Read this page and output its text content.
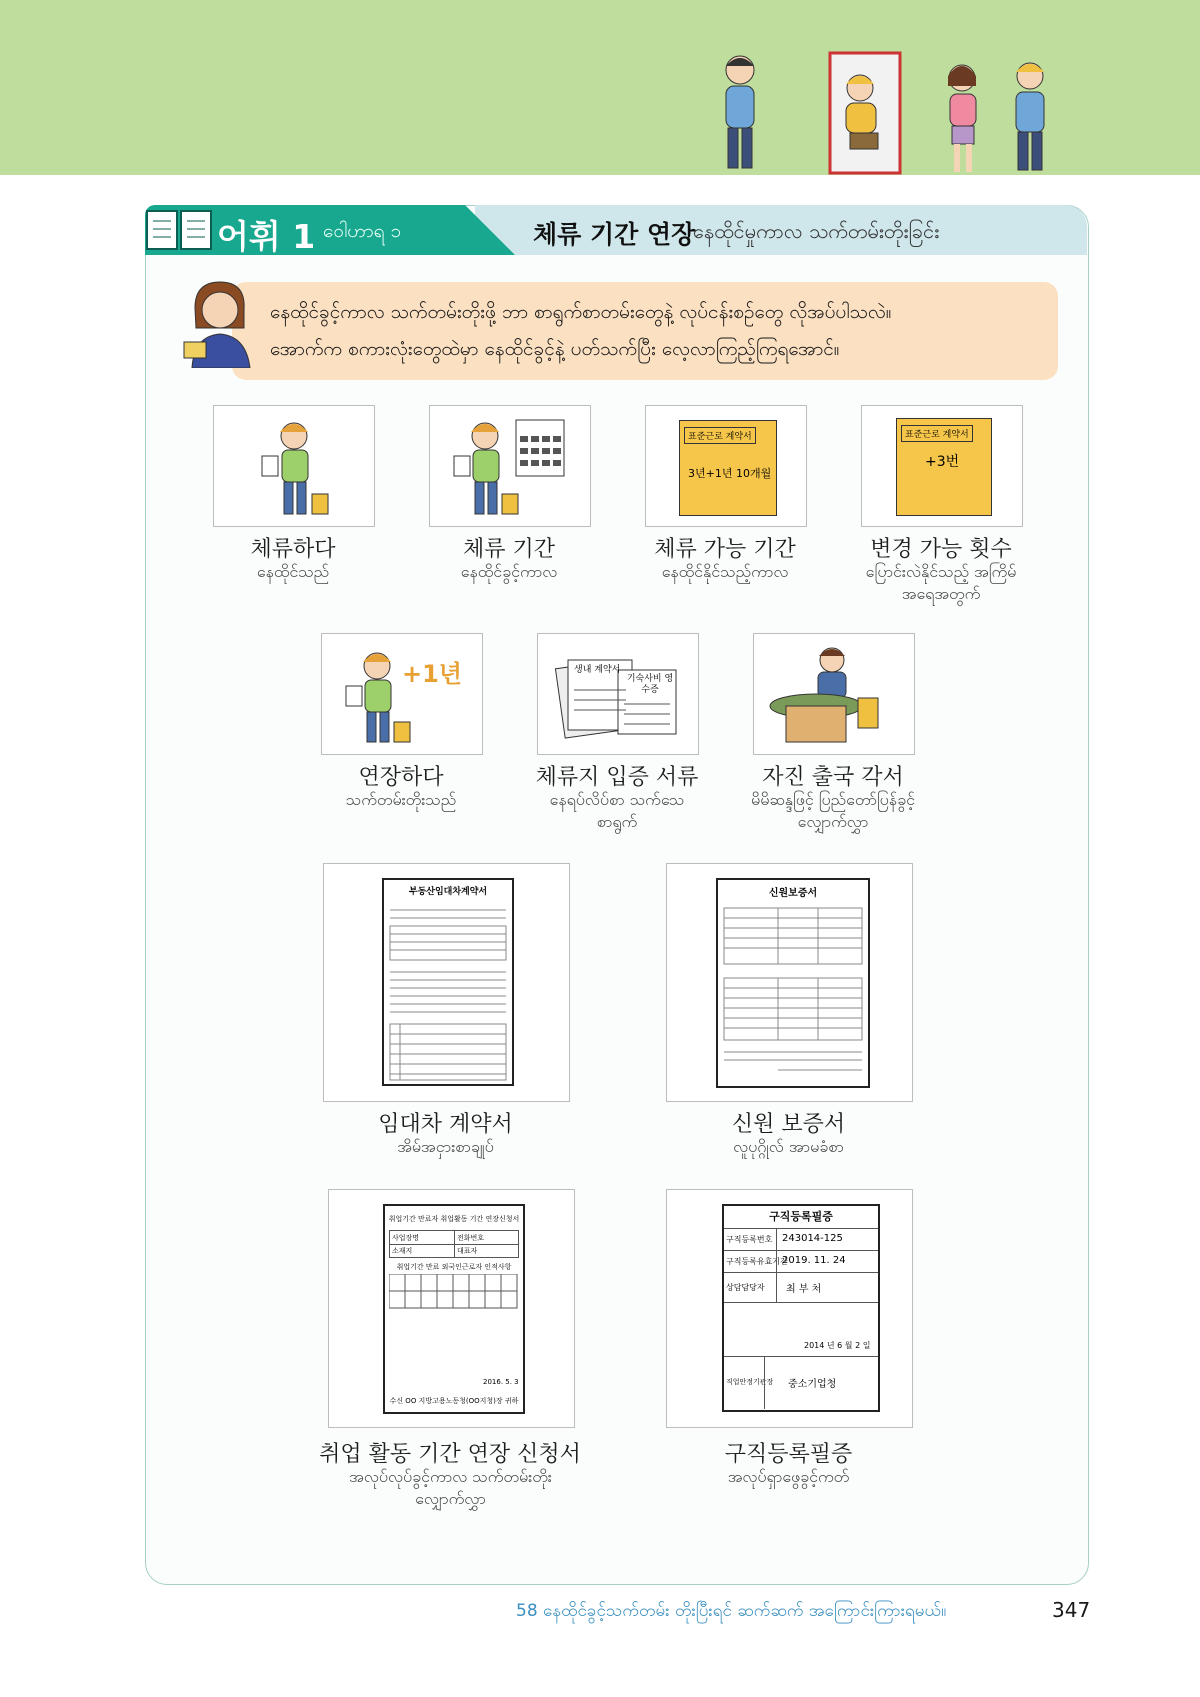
어휘 1 ဝေါဟာရ ၁	체류 기간 연장
နေထိုင်မှုကာလ သက်တမ်းတိုးခြင်း
နေထိုင်ခွင့်ကာလ သက်တမ်းတိုးဖို့ ဘာ စာရွက်စာတမ်းတွေနဲ့ လုပ်ငန်းစဉ်တွေ လိုအပ်ပါသလဲ။
အောက်က စကားလုံးတွေထဲမှာ နေထိုင်ခွင့်နဲ့ ပတ်သက်ပြီး လေ့လာကြည့်ကြရအောင်။
체류하다
နေထိုင်သည်
체류 기간
နေထိုင်ခွင့်ကာလ
표준근로 계약서
3년+1년 10개월
체류 가능 기간
နေထိုင်နိုင်သည့်ကာလ
표준근로 계약서
+3번
변경 가능 횟수
ပြောင်းလဲနိုင်သည့် အကြိမ်အရေအတွက်
+1년
연장하다
သက်တမ်းတိုးသည်
생내 계약서
기숙사비 영수증
체류지 입증 서류
နေရပ်လိပ်စာ သက်သေစာရွက်
자진 출국 각서
မိမိဆန္ဒဖြင့် ပြည်တော်ပြန်ခွင့် လျှောက်လွှာ
부동산임대차계약서
임대차 계약서
အိမ်အငှားစာချုပ်
신원보증서
신원 보증서
လူပုဂ္ဂိုလ် အာမခံစာ
취업기간 만료자 취업활동 기간 연장신청서
사업장명	전화번호
소재지	대표자
취업기간 만료 외국인근로자 인적사항
2016. 5. 3
수신 OO 지방고용노동청(OO지청)장 귀하
취업 활동 기간 연장 신청서
အလုပ်လုပ်ခွင့်ကာလ သက်တမ်းတိုးလျှောက်လွှာ
구직등록필증
구직등록번호 243014-125
구직등록유효기간
2019. 11. 24
상담담당자 최 부 처
2014 년 6 월 2 일
직업안정기관장 중소기업청
구직등록필증
အလုပ်ရှာဖွေခွင့်ကတ်
58 နေထိုင်ခွင့်သက်တမ်း တိုးပြီးရင် ဆက်ဆက် အကြောင်းကြားရမယ်။	347
